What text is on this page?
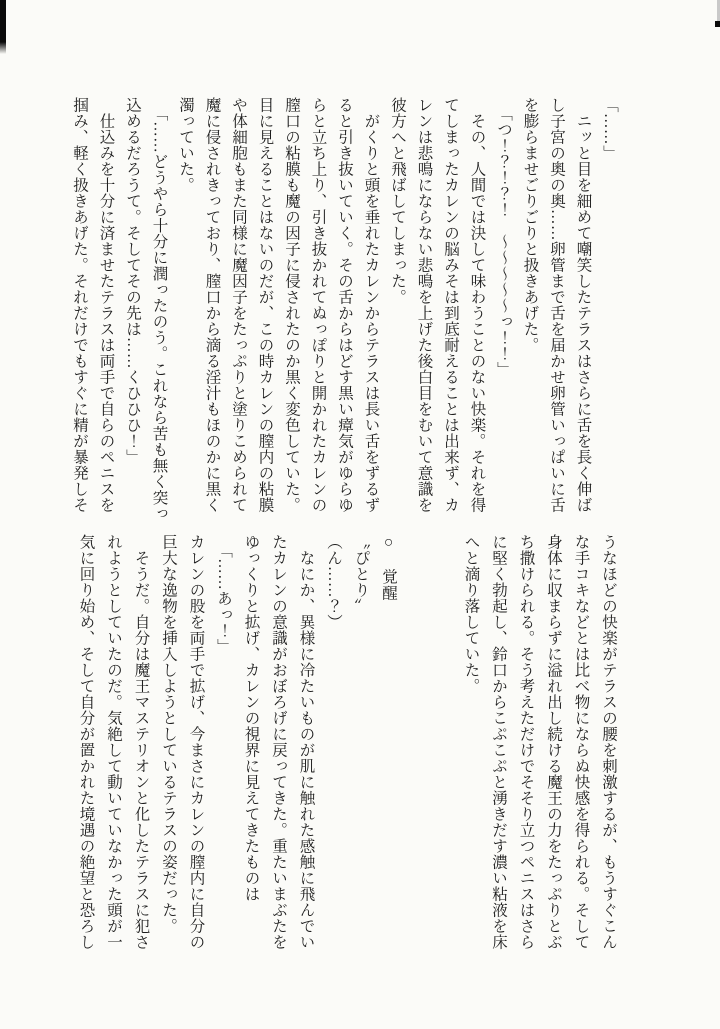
「……」
　ニッと目を細めて嘲笑したテラスはさらに舌を長く伸ば
し子宮の奥の奥……卵管まで舌を届かせ卵管いっぱいに舌
を膨らませごりごりと扱きあげた。
　「つ！？！？！　～～～～～っ！！」
　その、人間では決して味わうことのない快楽。それを得
てしまったカレンの脳みそは到底耐えることは出来ず、カ
レンは悲鳴にならない悲鳴を上げた後白目をむいて意識を
彼方へと飛ばしてしまった。
　がくりと頭を垂れたカレンからテラスは長い舌をずるず
ると引き抜いていく。その舌からはどす黒い瘴気がゆらゆ
らと立ち上り、引き抜かれてぬっぽりと開かれたカレンの
膣口の粘膜も魔の因子に侵されたのか黒く変色していた。
目に見えることはないのだが、この時カレンの膣内の粘膜
や体細胞もまた同様に魔因子をたっぷりと塗りこめられて
魔に侵されきっており、膣口から滴る淫汁もほのかに黒く
濁っていた。
　「……どうやら十分に潤ったのう。これなら苦も無く突っ
込めるだろうて。そしてその先は……くひひひ！」
　仕込みを十分に済ませたテラスは両手で自らのペニスを
掴み、軽く扱きあげた。それだけでもすぐに精が暴発しそ
うなほどの快楽がテラスの腰を刺激するが、もうすぐこん
な手コキなどとは比べ物にならぬ快感を得られる。そして
身体に収まらずに溢れ出し続ける魔王の力をたっぷりとぶ
ち撒けられる。そう考えただけでそそり立つペニスはさら
に堅く勃起し、鈴口からこぷこぷと湧きだす濃い粘液を床
へと滴り落していた。

○　覚醒
〝ぴとり〟
（ん……？）
　なにか、異様に冷たいものが肌に触れた感触に飛んでい
たカレンの意識がおぼろげに戻ってきた。重たいまぶたを
ゆっくりと拡げ、カレンの視界に見えてきたものは
　「……あっ！」
カレンの股を両手で拡げ、今まさにカレンの膣内に自分の
巨大な逸物を挿入しようとしているテラスの姿だった。
　そうだ。自分は魔王マステリオンと化したテラスに犯さ
れようとしていたのだ。気絶して動いていなかった頭が一
気に回り始め、そして自分が置かれた境遇の絶望と恐ろし
